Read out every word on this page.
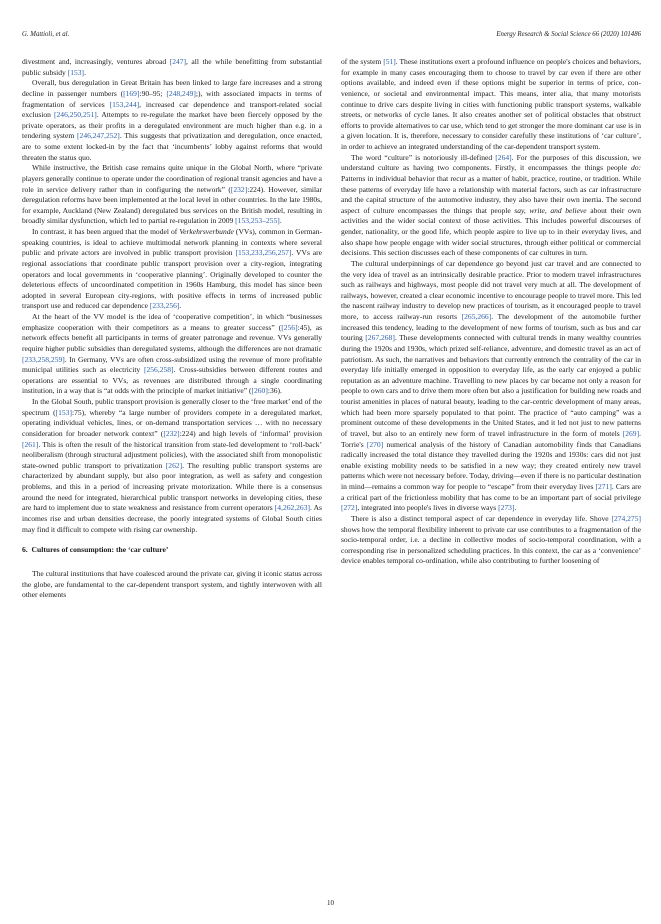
G. Mattioli, et al.	Energy Research & Social Science 66 (2020) 101486

divestment and, increasingly, ventures abroad [247], all the while benefitting from substantial public subsidy [153].

Overall, bus deregulation in Great Britain has been linked to large fare increases and a strong decline in passenger numbers ([169]:90–95; [248,249];), with associated impacts in terms of fragmentation of services [153,244], increased car dependence and transport-related social exclusion [246,250,251]. Attempts to re-regulate the market have been fiercely opposed by the private operators, as their profits in a deregulated environment are much higher than e.g. in a tendering system [246,247,252]. This suggests that privatization and deregulation, once enacted, are to some extent locked-in by the fact that ‘incumbents’ lobby against reforms that would threaten the status quo.

While instructive, the British case remains quite unique in the Global North, where “private players generally continue to operate under the coordination of regional transit agencies and have a role in service delivery rather than in configuring the network” ([232]:224). However, similar deregulation reforms have been implemented at the local level in other countries. In the late 1980s, for example, Auckland (New Zealand) deregulated bus services on the British model, resulting in broadly similar dysfunction, which led to partial re-regulation in 2009 [153,253–255].

In contrast, it has been argued that the model of Verkehrsverbunde (VVs), common in German-speaking countries, is ideal to achieve multimodal network planning in contexts where several public and private actors are involved in public transport provision [153,233,256,257]. VVs are regional associations that coordinate public transport provision over a city-region, integrating operators and local governments in ‘cooperative planning’. Originally developed to counter the deleterious effects of uncoordinated competition in 1960s Hamburg, this model has since been adopted in several European city-regions, with positive effects in terms of increased public transport use and reduced car dependence [233,256].

At the heart of the VV model is the idea of ‘cooperative competition’, in which “businesses emphasize cooperation with their competitors as a means to greater success” ([256]:45), as network effects benefit all participants in terms of greater patronage and revenue. VVs generally require higher public subsidies than deregulated systems, although the differences are not dramatic [233,258,259]. In Germany, VVs are often cross-subsidized using the revenue of more profitable municipal utilities such as electricity [256,258]. Cross-subsidies between different routes and operations are essential to VVs, as revenues are distributed through a single coordinating institution, in a way that is “at odds with the principle of market initiative” ([260]:36).

In the Global South, public transport provision is generally closer to the ‘free market’ end of the spectrum ([153]:75), whereby “a large number of providers compete in a deregulated market, operating individual vehicles, lines, or on-demand transportation services … with no necessary consideration for broader network context” ([232]:224) and high levels of ‘informal’ provision [261]. This is often the result of the historical transition from state-led development to ‘roll-back’ neoliberalism (through structural adjustment policies), with the associated shift from monopolistic state-owned public transport to privatization [262]. The resulting public transport systems are characterized by abundant supply, but also poor integration, as well as safety and congestion problems, and this in a period of increasing private motorization. While there is a consensus around the need for integrated, hierarchical public transport networks in developing cities, these are hard to implement due to state weakness and resistance from current operators [4,262,263]. As incomes rise and urban densities decrease, the poorly integrated systems of Global South cities may find it difficult to compete with rising car ownership.

6. Cultures of consumption: the ‘car culture’

The cultural institutions that have coalesced around the private car, giving it iconic status across the globe, are fundamental to the car-dependent transport system, and tightly interwoven with all other elements

of the system [51]. These institutions exert a profound influence on people's choices and behaviors, for example in many cases encouraging them to choose to travel by car even if there are other options available, and indeed even if these options might be superior in terms of price, convenience, or societal and environmental impact. This means, inter alia, that many motorists continue to drive cars despite living in cities with functioning public transport systems, walkable streets, or networks of cycle lanes. It also creates another set of political obstacles that obstruct efforts to provide alternatives to car use, which tend to get stronger the more dominant car use is in a given location. It is, therefore, necessary to consider carefully these institutions of ‘car culture’, in order to achieve an integrated understanding of the car-dependent transport system.

The word “culture” is notoriously ill-defined [264]. For the purposes of this discussion, we understand culture as having two components. Firstly, it encompasses the things people do: Patterns in individual behavior that recur as a matter of habit, practice, routine, or tradition. While these patterns of everyday life have a relationship with material factors, such as car infrastructure and the capital structure of the automotive industry, they also have their own inertia. The second aspect of culture encompasses the things that people say, write, and believe about their own activities and the wider social context of those activities. This includes powerful discourses of gender, nationality, or the good life, which people aspire to live up to in their everyday lives, and also shape how people engage with wider social structures, through either political or commercial decisions. This section discusses each of these components of car cultures in turn.

The cultural underpinnings of car dependence go beyond just car travel and are connected to the very idea of travel as an intrinsically desirable practice. Prior to modern travel infrastructures such as railways and highways, most people did not travel very much at all. The development of railways, however, created a clear economic incentive to encourage people to travel more. This led the nascent railway industry to develop new practices of tourism, as it encouraged people to travel more, to access railway-run resorts [265,266]. The development of the automobile further increased this tendency, leading to the development of new forms of tourism, such as bus and car touring [267,268]. These developments connected with cultural trends in many wealthy countries during the 1920s and 1930s, which prized self-reliance, adventure, and domestic travel as an act of patriotism. As such, the narratives and behaviors that currently entrench the centrality of the car in everyday life initially emerged in opposition to everyday life, as the early car enjoyed a public reputation as an adventure machine. Travelling to new places by car became not only a reason for people to own cars and to drive them more often but also a justification for building new roads and tourist amenities in places of natural beauty, leading to the car-centric development of many areas, which had been more sparsely populated to that point. The practice of “auto camping” was a prominent outcome of these developments in the United States, and it led not just to new patterns of travel, but also to an entirely new form of travel infrastructure in the form of motels [269]. Torrie's [270] numerical analysis of the history of Canadian automobility finds that Canadians radically increased the total distance they travelled during the 1920s and 1930s: cars did not just enable existing mobility needs to be satisfied in a new way; they created entirely new travel patterns which were not necessary before. Today, driving—even if there is no particular destination in mind—remains a common way for people to “escape” from their everyday lives [271]. Cars are a critical part of the frictionless mobility that has come to be an important part of social privilege [272], integrated into people's lives in diverse ways [273].

There is also a distinct temporal aspect of car dependence in everyday life. Shove [274,275] shows how the temporal flexibility inherent to private car use contributes to a fragmentation of the socio-temporal order, i.e. a decline in collective modes of socio-temporal coordination, with a corresponding rise in personalized scheduling practices. In this context, the car as a ‘convenience’ device enables temporal co-ordination, while also contributing to further loosening of

10
